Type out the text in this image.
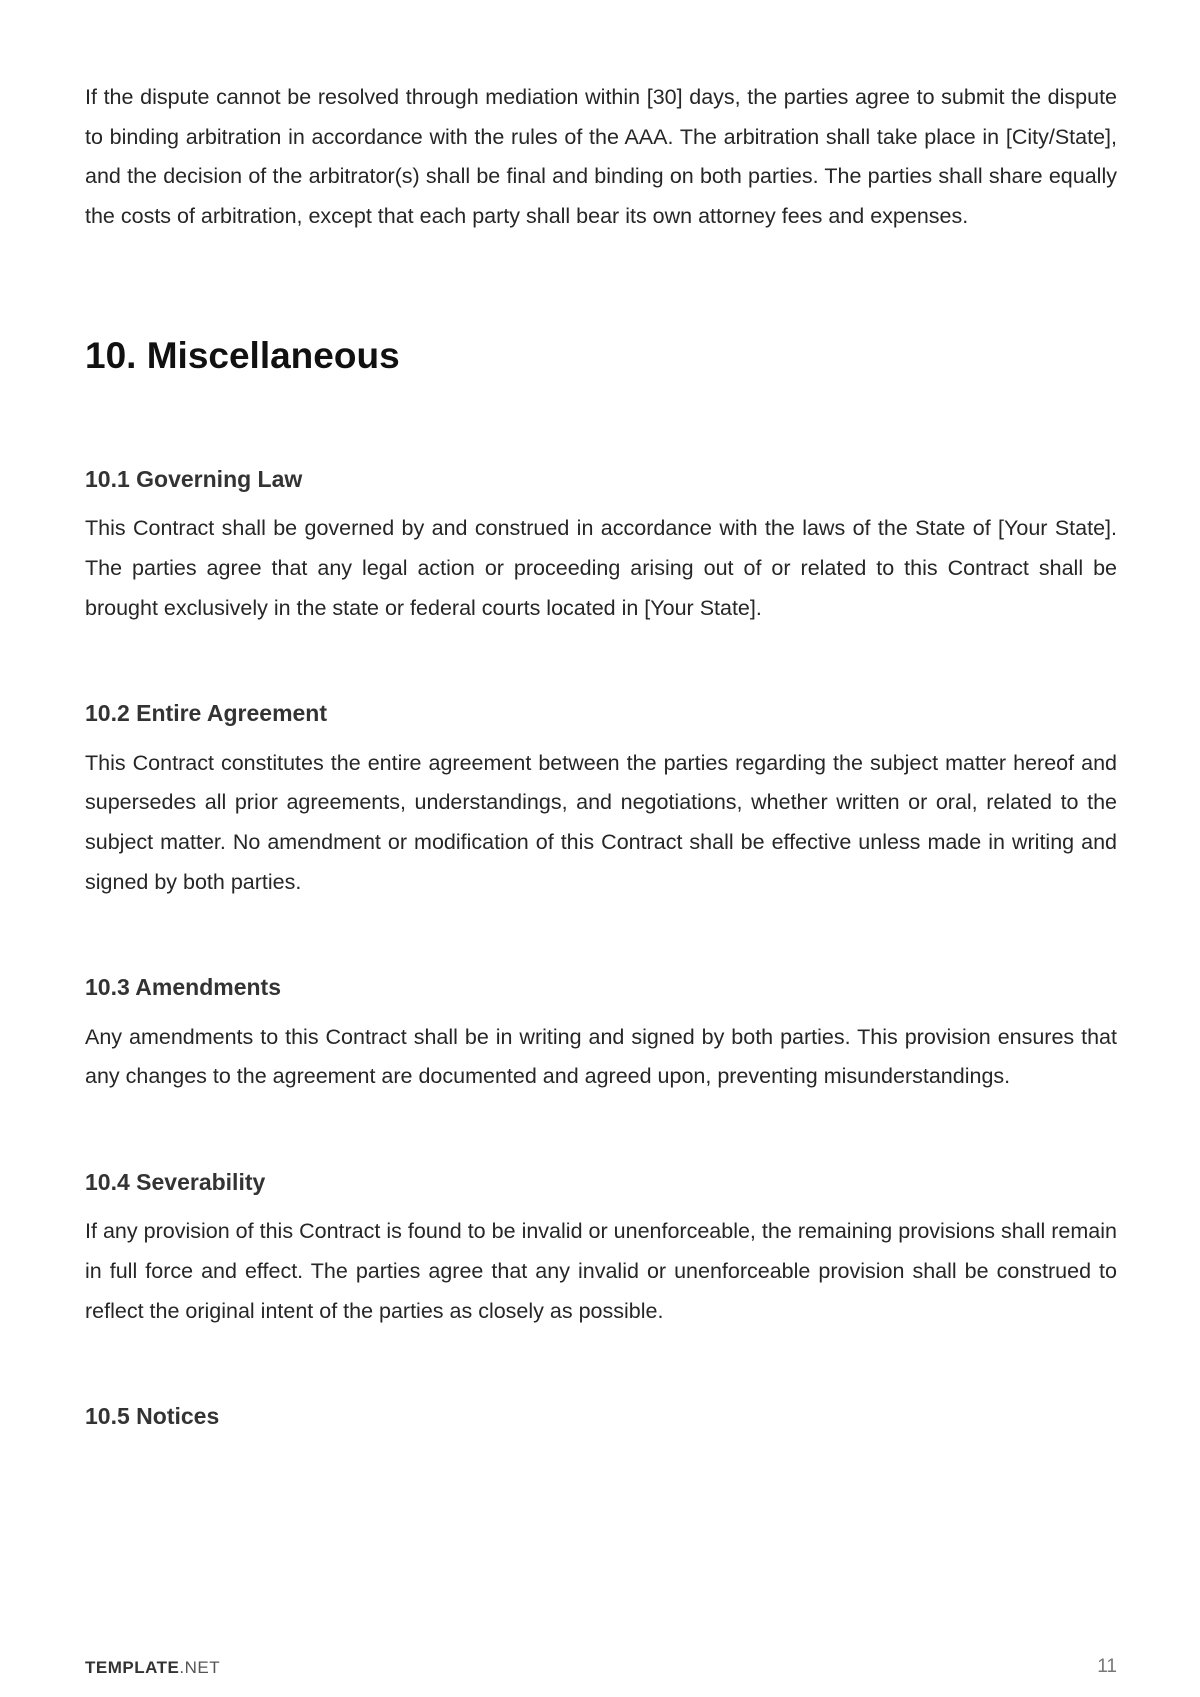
If the dispute cannot be resolved through mediation within [30] days, the parties agree to submit the dispute to binding arbitration in accordance with the rules of the AAA. The arbitration shall take place in [City/State], and the decision of the arbitrator(s) shall be final and binding on both parties. The parties shall share equally the costs of arbitration, except that each party shall bear its own attorney fees and expenses.

10. Miscellaneous
10.1 Governing Law

This Contract shall be governed by and construed in accordance with the laws of the State of [Your State]. The parties agree that any legal action or proceeding arising out of or related to this Contract shall be brought exclusively in the state or federal courts located in [Your State].

10.2 Entire Agreement

This Contract constitutes the entire agreement between the parties regarding the subject matter hereof and supersedes all prior agreements, understandings, and negotiations, whether written or oral, related to the subject matter. No amendment or modification of this Contract shall be effective unless made in writing and signed by both parties.

10.3 Amendments

Any amendments to this Contract shall be in writing and signed by both parties. This provision ensures that any changes to the agreement are documented and agreed upon, preventing misunderstandings.

10.4 Severability

If any provision of this Contract is found to be invalid or unenforceable, the remaining provisions shall remain in full force and effect. The parties agree that any invalid or unenforceable provision shall be construed to reflect the original intent of the parties as closely as possible.

10.5 Notices
TEMPLATE.NET	11
